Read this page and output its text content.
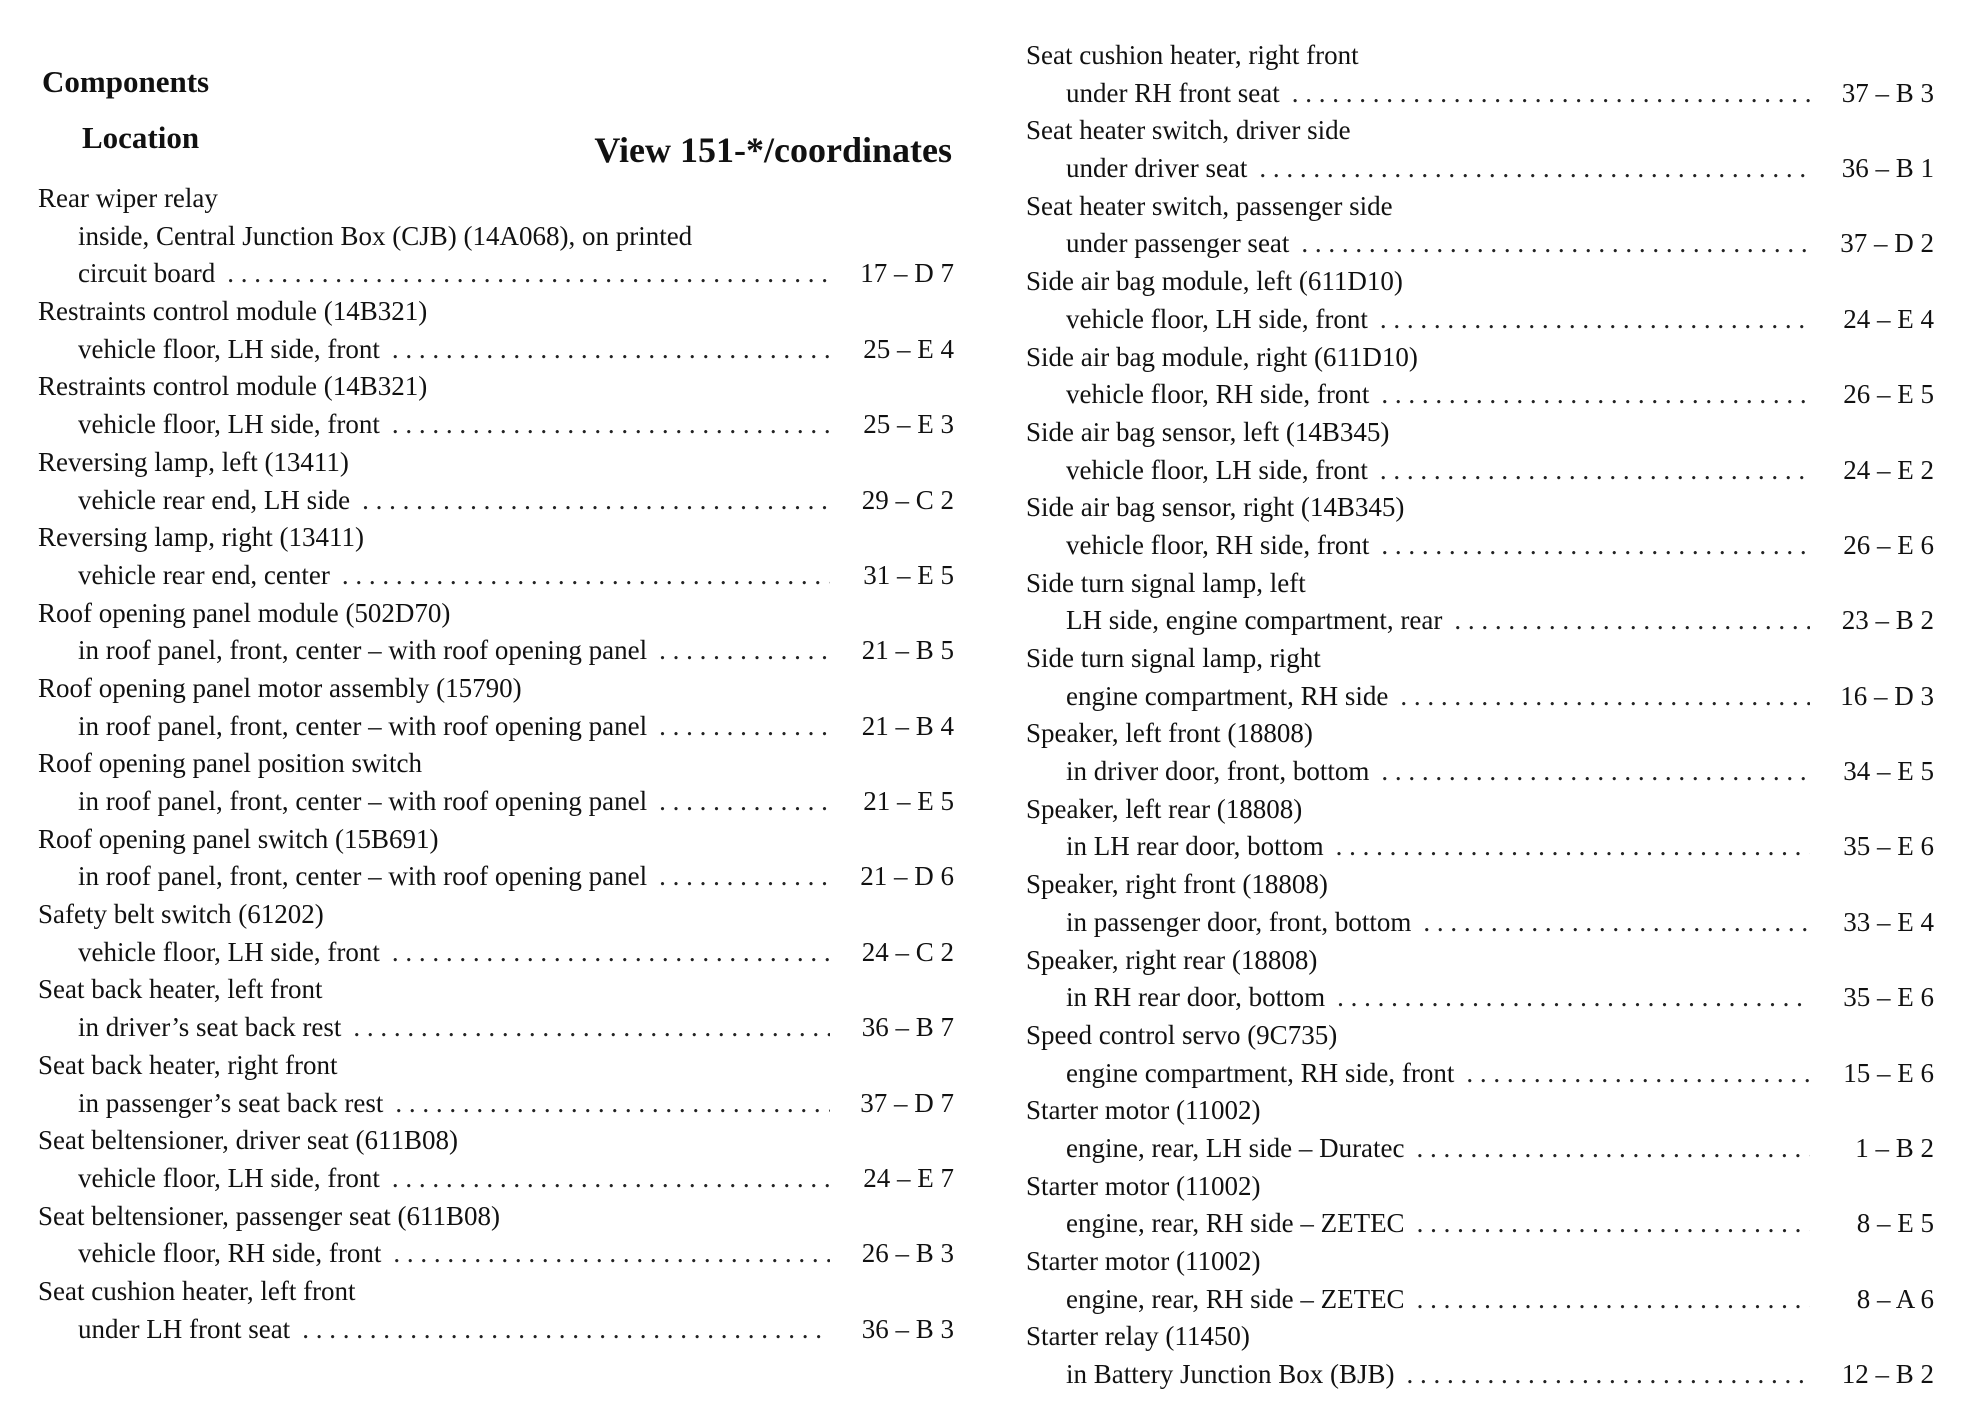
Components
Location	View 151-*/coordinates
Rear wiper relay
inside, Central Junction Box (CJB) (14A068), on printed
circuit board . . .	17 – D 7
Restraints control module (14B321)
vehicle floor, LH side, front . . .	25 – E 4
Restraints control module (14B321)
vehicle floor, LH side, front . . .	25 – E 3
Reversing lamp, left (13411)
vehicle rear end, LH side . . .	29 – C 2
Reversing lamp, right (13411)
vehicle rear end, center . . .	31 – E 5
Roof opening panel module (502D70)
in roof panel, front, center – with roof opening panel . . .	21 – B 5
Roof opening panel motor assembly (15790)
in roof panel, front, center – with roof opening panel . . .	21 – B 4
Roof opening panel position switch
in roof panel, front, center – with roof opening panel . . .	21 – E 5
Roof opening panel switch (15B691)
in roof panel, front, center – with roof opening panel . . .	21 – D 6
Safety belt switch (61202)
vehicle floor, LH side, front . . .	24 – C 2
Seat back heater, left front
in driver’s seat back rest . . .	36 – B 7
Seat back heater, right front
in passenger’s seat back rest . . .	37 – D 7
Seat beltensioner, driver seat (611B08)
vehicle floor, LH side, front . . .	24 – E 7
Seat beltensioner, passenger seat (611B08)
vehicle floor, RH side, front . . .	26 – B 3
Seat cushion heater, left front
under LH front seat . . .	36 – B 3
Seat cushion heater, right front
under RH front seat . . .	37 – B 3
Seat heater switch, driver side
under driver seat . . .	36 – B 1
Seat heater switch, passenger side
under passenger seat . . .	37 – D 2
Side air bag module, left (611D10)
vehicle floor, LH side, front . . .	24 – E 4
Side air bag module, right (611D10)
vehicle floor, RH side, front . . .	26 – E 5
Side air bag sensor, left (14B345)
vehicle floor, LH side, front . . .	24 – E 2
Side air bag sensor, right (14B345)
vehicle floor, RH side, front . . .	26 – E 6
Side turn signal lamp, left
LH side, engine compartment, rear . . .	23 – B 2
Side turn signal lamp, right
engine compartment, RH side . . .	16 – D 3
Speaker, left front (18808)
in driver door, front, bottom . . .	34 – E 5
Speaker, left rear (18808)
in LH rear door, bottom . . .	35 – E 6
Speaker, right front (18808)
in passenger door, front, bottom . . .	33 – E 4
Speaker, right rear (18808)
in RH rear door, bottom . . .	35 – E 6
Speed control servo (9C735)
engine compartment, RH side, front . . .	15 – E 6
Starter motor (11002)
engine, rear, LH side – Duratec . . .	1 – B 2
Starter motor (11002)
engine, rear, RH side – ZETEC . . .	8 – E 5
Starter motor (11002)
engine, rear, RH side – ZETEC . . .	8 – A 6
Starter relay (11450)
in Battery Junction Box (BJB) . . .	12 – B 2
